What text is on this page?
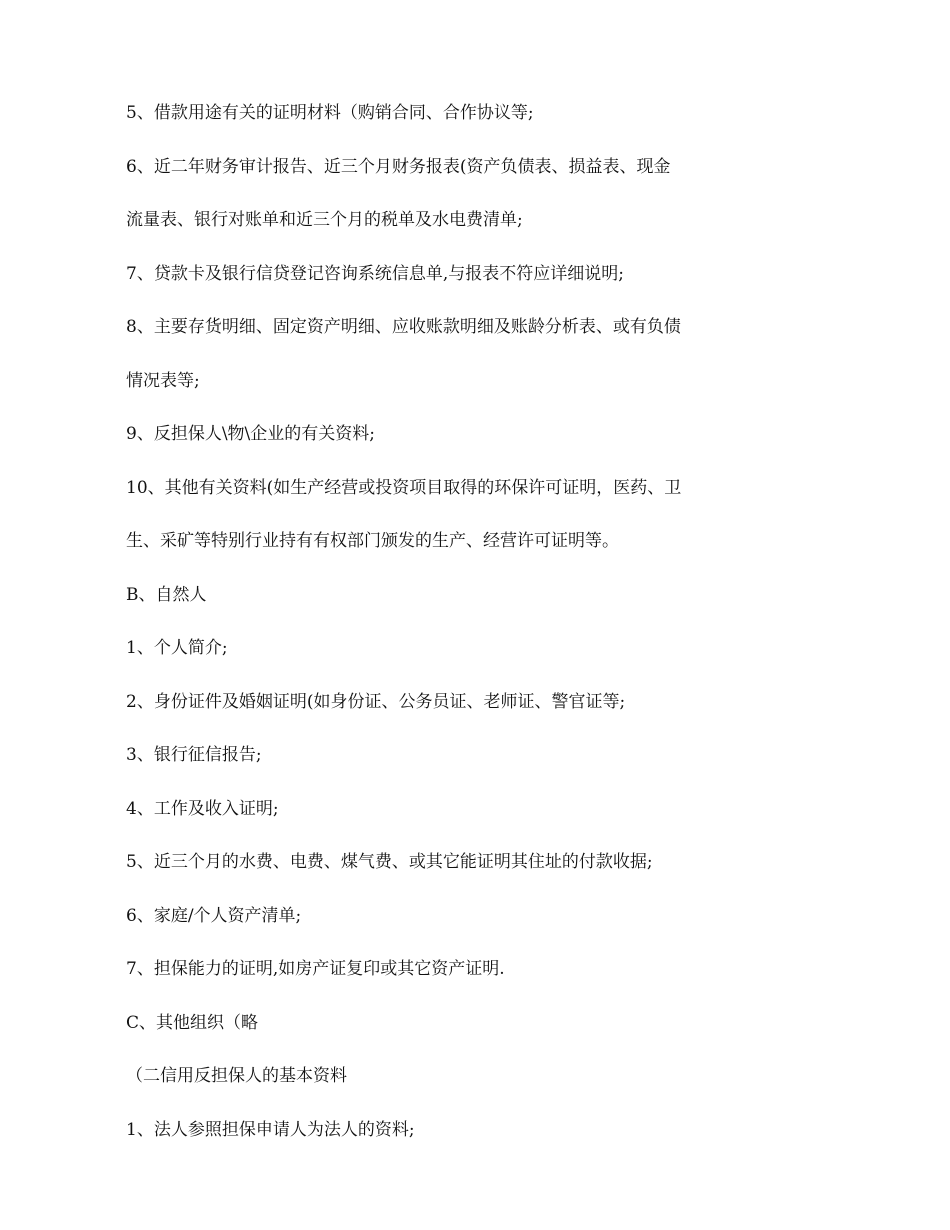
5、借款用途有关的证明材料（购销合同、合作协议等;

6、近二年财务审计报告、近三个月财务报表(资产负债表、损益表、现金

流量表、银行对账单和近三个月的税单及水电费清单;

7、贷款卡及银行信贷登记咨询系统信息单,与报表不符应详细说明;

8、主要存货明细、固定资产明细、应收账款明细及账龄分析表、或有负债

情况表等;

9、反担保人\物\企业的有关资料;

10、其他有关资料(如生产经营或投资项目取得的环保许可证明，医药、卫

生、采矿等特别行业持有有权部门颁发的生产、经营许可证明等。

B、自然人

1、个人简介;

2、身份证件及婚姻证明(如身份证、公务员证、老师证、警官证等;

3、银行征信报告;

4、工作及收入证明;

5、近三个月的水费、电费、煤气费、或其它能证明其住址的付款收据;

6、家庭/个人资产清单;

7、担保能力的证明,如房产证复印或其它资产证明.

C、其他组织（略

（二信用反担保人的基本资料

1、法人参照担保申请人为法人的资料;
